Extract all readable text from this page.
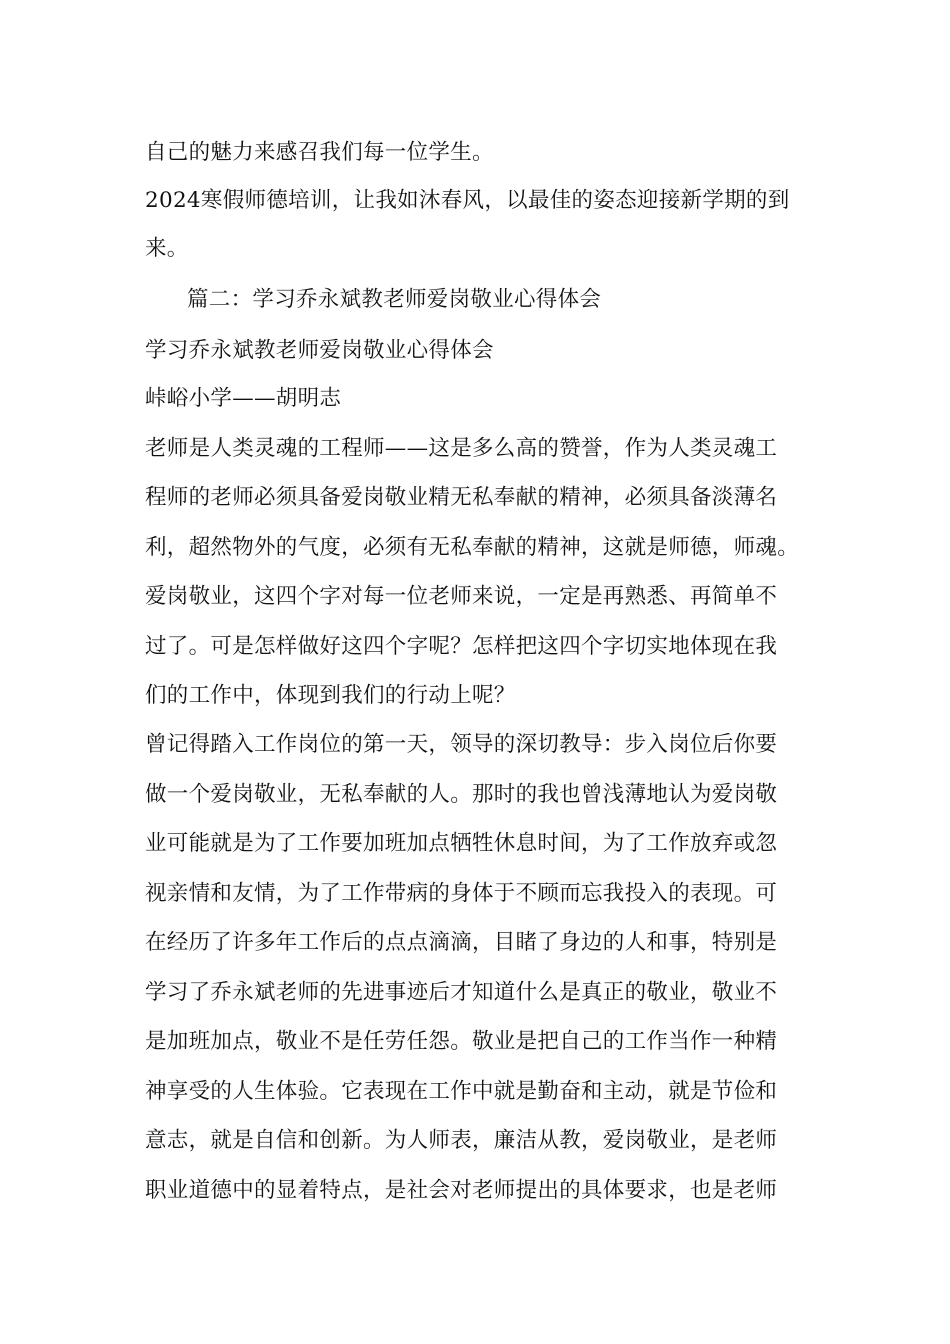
自己的魅力来感召我们每一位学生。
2024寒假师德培训，让我如沐春风，以最佳的姿态迎接新学期的到
来。
篇二：学习乔永斌教老师爱岗敬业心得体会
学习乔永斌教老师爱岗敬业心得体会
峠峪小学——胡明志
老师是人类灵魂的工程师——这是多么高的赞誉，作为人类灵魂工
程师的老师必须具备爱岗敬业精无私奉献的精神，必须具备淡薄名
利，超然物外的气度，必须有无私奉献的精神，这就是师德，师魂。
爱岗敬业，这四个字对每一位老师来说，一定是再熟悉、再简单不
过了。可是怎样做好这四个字呢？怎样把这四个字切实地体现在我
们的工作中，体现到我们的行动上呢？
曾记得踏入工作岗位的第一天，领导的深切教导：步入岗位后你要
做一个爱岗敬业，无私奉献的人。那时的我也曾浅薄地认为爱岗敬
业可能就是为了工作要加班加点牺牲休息时间，为了工作放弃或忽
视亲情和友情，为了工作带病的身体于不顾而忘我投入的表现。可
在经历了许多年工作后的点点滴滴，目睹了身边的人和事，特别是
学习了乔永斌老师的先进事迹后才知道什么是真正的敬业，敬业不
是加班加点，敬业不是任劳任怨。敬业是把自己的工作当作一种精
神享受的人生体验。它表现在工作中就是勤奋和主动，就是节俭和
意志，就是自信和创新。为人师表，廉洁从教，爱岗敬业，是老师
职业道德中的显着特点，是社会对老师提出的具体要求，也是老师
